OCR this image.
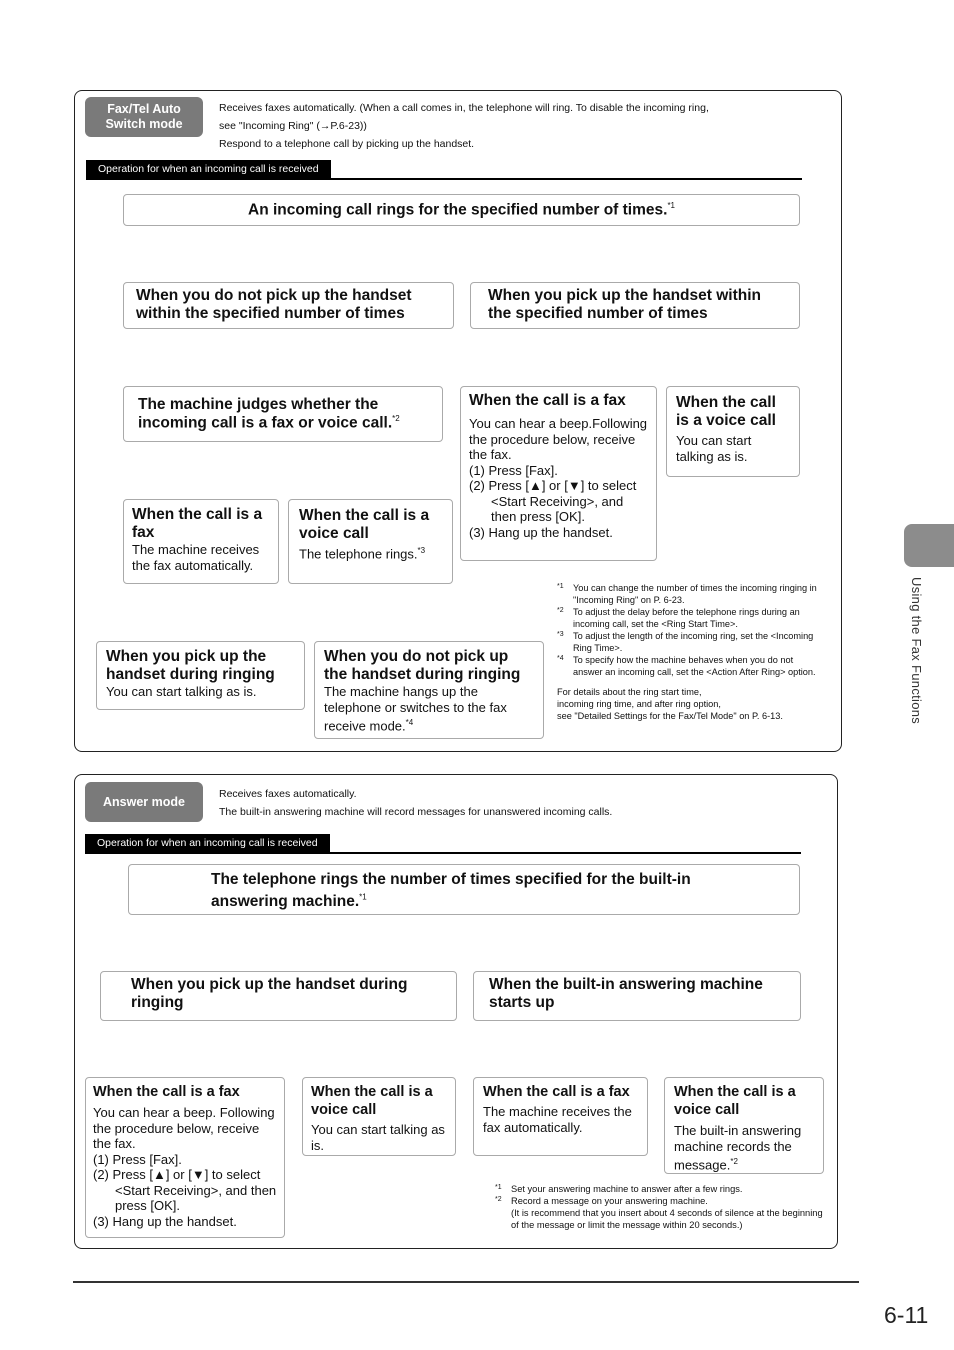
Fax/Tel Auto
Switch mode
Receives faxes automatically. (When a call comes in, the telephone will ring. To disable the incoming ring,
see "Incoming Ring" (→P.6-23))
Respond to a telephone call by picking up the handset.
Operation for when an incoming call is received
An incoming call rings for the specified number of times.$^{*1}$
When you do not pick up the handset within the specified number of times
When you pick up the handset within the specified number of times
The machine judges whether the incoming call is a fax or voice call.$^{*2}$
When the call is a fax
You can hear a beep.Following the procedure below, receive the fax.
(1) Press [Fax].
(2) Press [▲] or [▼] to select <Start Receiving>, and then press [OK].
(3) Hang up the handset.
When the call is a voice call
You can start talking as is.
When the call is a fax
The machine receives the fax automatically.
When the call is a voice call
The telephone rings.$^{*3}$
When you pick up the handset during ringing
You can start talking as is.
When you do not pick up the handset during ringing
The machine hangs up the telephone or switches to the fax receive mode.$^{*4}$
*1	You can change the number of times the incoming ringing in "Incoming Ring" on P. 6-23.
*2	To adjust the delay before the telephone rings during an incoming call, set the <Ring Start Time>.
*3	To adjust the length of the incoming ring, set the <Incoming Ring Time>.
*4	To specify how the machine behaves when you do not answer an incoming call, set the <Action After Ring> option.
For details about the ring start time,
incoming ring time, and after ring option,
see "Detailed Settings for the Fax/Tel Mode" on P. 6-13.
Answer mode
Receives faxes automatically.
The built-in answering machine will record messages for unanswered incoming calls.
Operation for when an incoming call is received
The telephone rings the number of times specified for the built-in answering machine.$^{*1}$
When you pick up the handset during ringing
When the built-in answering machine starts up
When the call is a fax
You can hear a beep. Following the procedure below, receive the fax.
(1) Press [Fax].
(2) Press [▲] or [▼] to select <Start Receiving>, and then press [OK].
(3) Hang up the handset.
When the call is a voice call
You can start talking as is.
When the call is a fax
The machine receives the fax automatically.
When the call is a voice call
The built-in answering machine records the message.$^{*2}$
*1	Set your answering machine to answer after a few rings.
*2	Record a message on your answering machine.
(It is recommend that you insert about 4 seconds of silence at the beginning of the message or limit the message within 20 seconds.)
Using the Fax Functions
6-11
